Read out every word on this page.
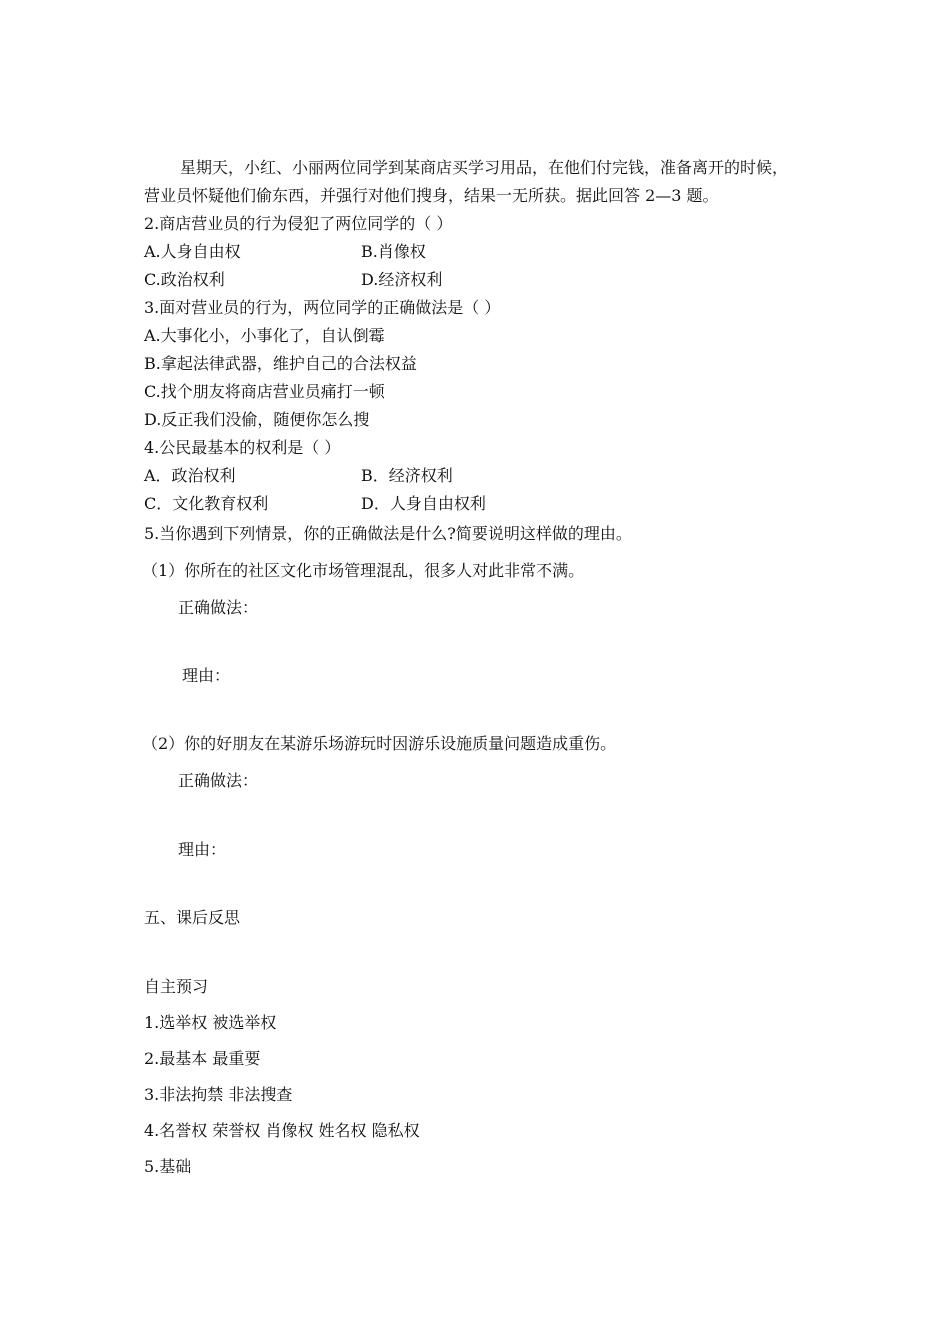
星期天，小红、小丽两位同学到某商店买学习用品，在他们付完钱，准备离开的时候，
营业员怀疑他们偷东西，并强行对他们搜身，结果一无所获。据此回答 2—3 题。
2.商店营业员的行为侵犯了两位同学的（ ）
A.人身自由权	B.肖像权
C.政治权利	D.经济权利
3.面对营业员的行为，两位同学的正确做法是（ ）
A.大事化小，小事化了，自认倒霉
B.拿起法律武器，维护自己的合法权益
C.找个朋友将商店营业员痛打一顿
D.反正我们没偷，随便你怎么搜
4.公民最基本的权利是（ ）
A．政治权利	B．经济权利
C．文化教育权利	D．人身自由权利
5.当你遇到下列情景，你的正确做法是什么?简要说明这样做的理由。
（1）你所在的社区文化市场管理混乱，很多人对此非常不满。
正确做法：
理由：
（2）你的好朋友在某游乐场游玩时因游乐设施质量问题造成重伤。
正确做法：
理由：
五、课后反思
自主预习
1.选举权 被选举权
2.最基本 最重要
3.非法拘禁 非法搜查
4.名誉权 荣誉权 肖像权 姓名权 隐私权
5.基础
